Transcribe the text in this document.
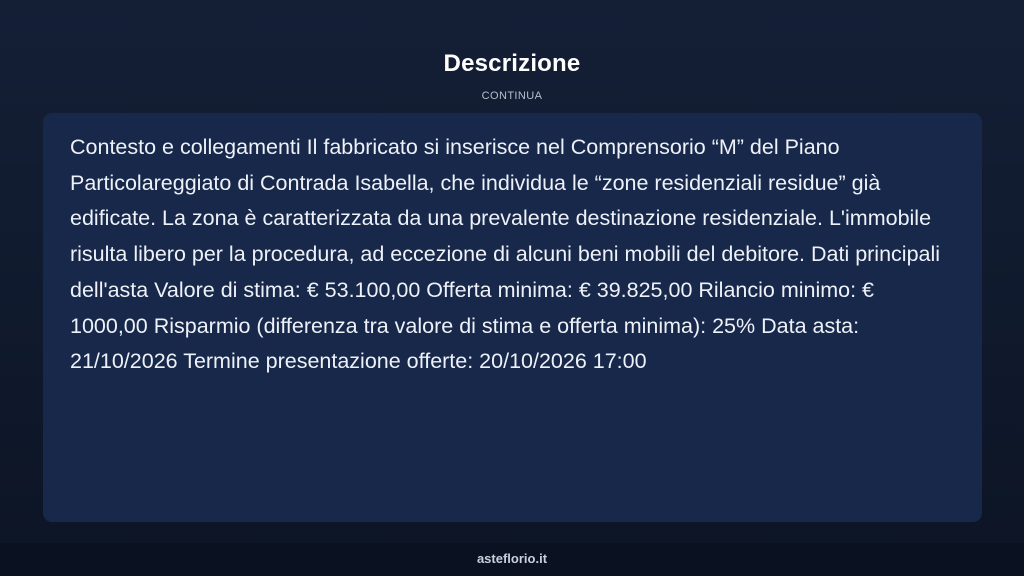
Descrizione
CONTINUA

Contesto e collegamenti Il fabbricato si inserisce nel Comprensorio “M” del Piano Particolareggiato di Contrada Isabella, che individua le “zone residenziali residue” già edificate. La zona è caratterizzata da una prevalente destinazione residenziale. L'immobile risulta libero per la procedura, ad eccezione di alcuni beni mobili del debitore. Dati principali dell'asta Valore di stima: € 53.100,00 Offerta minima: € 39.825,00 Rilancio minimo: € 1000,00 Risparmio (differenza tra valore di stima e offerta minima): 25% Data asta: 21/10/2026 Termine presentazione offerte: 20/10/2026 17:00

asteflorio.it
